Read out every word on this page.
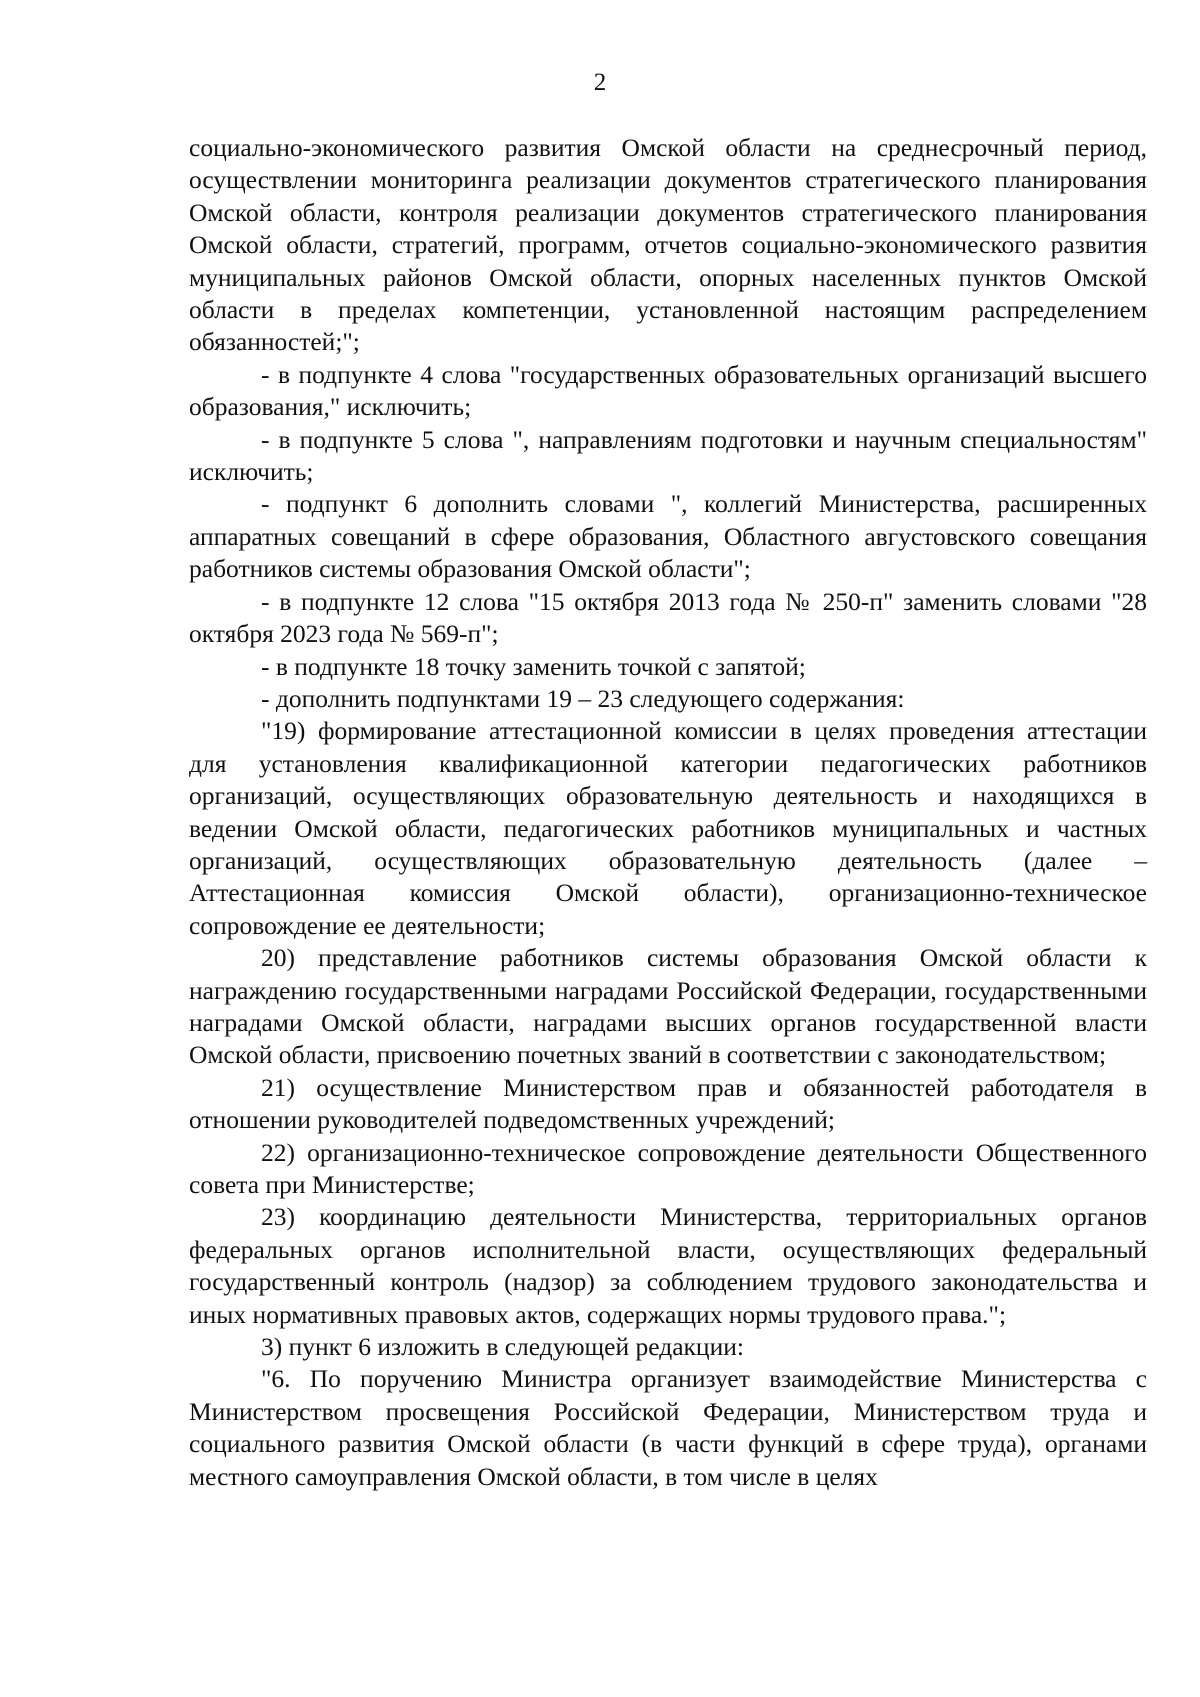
2

социально-экономического развития Омской области на среднесрочный период, осуществлении мониторинга реализации документов стратегического планирования Омской области, контроля реализации документов стратегического планирования Омской области, стратегий, программ, отчетов социально-экономического развития муниципальных районов Омской области, опорных населенных пунктов Омской области в пределах компетенции, установленной настоящим распределением обязанностей;";

- в подпункте 4 слова "государственных образовательных организаций высшего образования," исключить;

- в подпункте 5 слова ", направлениям подготовки и научным специальностям" исключить;

- подпункт 6 дополнить словами ", коллегий Министерства, расширенных аппаратных совещаний в сфере образования, Областного августовского совещания работников системы образования Омской области";

- в подпункте 12 слова "15 октября 2013 года № 250-п" заменить словами "28 октября 2023 года № 569-п";

- в подпункте 18 точку заменить точкой с запятой;

- дополнить подпунктами 19 – 23 следующего содержания:

"19) формирование аттестационной комиссии в целях проведения аттестации для установления квалификационной категории педагогических работников организаций, осуществляющих образовательную деятельность и находящихся в ведении Омской области, педагогических работников муниципальных и частных организаций, осуществляющих образовательную деятельность (далее – Аттестационная комиссия Омской области), организационно-техническое сопровождение ее деятельности;

20) представление работников системы образования Омской области к награждению государственными наградами Российской Федерации, государственными наградами Омской области, наградами высших органов государственной власти Омской области, присвоению почетных званий в соответствии с законодательством;

21) осуществление Министерством прав и обязанностей работодателя в отношении руководителей подведомственных учреждений;

22) организационно-техническое сопровождение деятельности Общественного совета при Министерстве;

23) координацию деятельности Министерства, территориальных органов федеральных органов исполнительной власти, осуществляющих федеральный государственный контроль (надзор) за соблюдением трудового законодательства и иных нормативных правовых актов, содержащих нормы трудового права.";

3) пункт 6 изложить в следующей редакции:

"6. По поручению Министра организует взаимодействие Министерства с Министерством просвещения Российской Федерации, Министерством труда и социального развития Омской области (в части функций в сфере труда), органами местного самоуправления Омской области, в том числе в целях
